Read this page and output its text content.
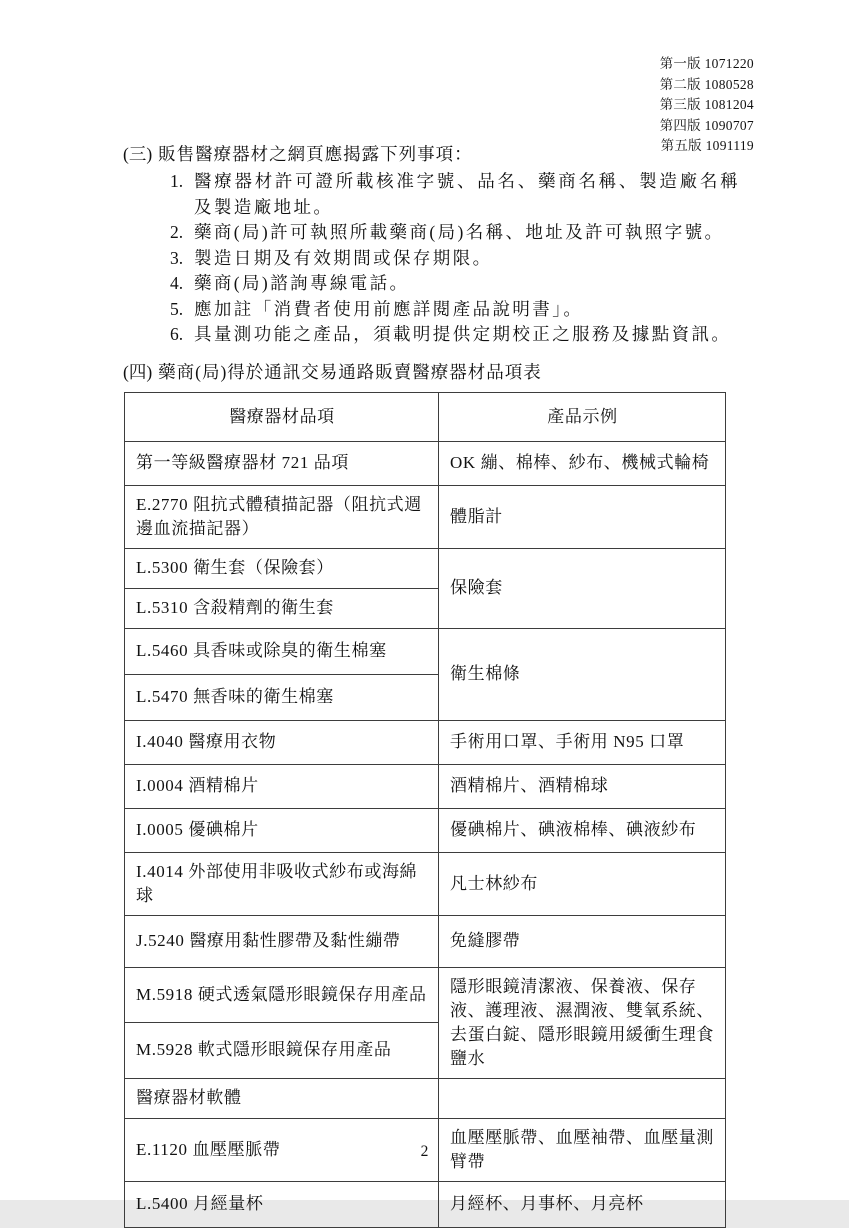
第一版 1071220
第二版 1080528
第三版 1081204
第四版 1090707
第五版 1091119
(三) 販售醫療器材之網頁應揭露下列事項：
1. 醫療器材許可證所載核准字號、品名、藥商名稱、製造廠名稱及製造廠地址。
2. 藥商(局)許可執照所載藥商(局)名稱、地址及許可執照字號。
3. 製造日期及有效期間或保存期限。
4. 藥商(局)諮詢專線電話。
5. 應加註「消費者使用前應詳閱產品說明書」。
6. 具量測功能之產品，須載明提供定期校正之服務及據點資訊。
(四) 藥商(局)得於通訊交易通路販賣醫療器材品項表
醫療器材品項	產品示例
第一等級醫療器材 721 品項	OK 繃、棉棒、紗布、機械式輪椅
E.2770 阻抗式體積描記器（阻抗式週邊血流描記器）	體脂計
L.5300 衛生套（保險套）	保險套
L.5310 含殺精劑的衛生套	
L.5460 具香味或除臭的衛生棉塞	衛生棉條
L.5470 無香味的衛生棉塞	
I.4040 醫療用衣物	手術用口罩、手術用 N95 口罩
I.0004 酒精棉片	酒精棉片、酒精棉球
I.0005 優碘棉片	優碘棉片、碘液棉棒、碘液紗布
I.4014 外部使用非吸收式紗布或海綿球	凡士林紗布
J.5240 醫療用黏性膠帶及黏性繃帶	免縫膠帶
M.5918 硬式透氣隱形眼鏡保存用產品	隱形眼鏡清潔液、保養液、保存液、護理液、濕潤液、雙氧系統、去蛋白錠、隱形眼鏡用緩衝生理食鹽水
M.5928 軟式隱形眼鏡保存用產品	
醫療器材軟體	
E.1120 血壓壓脈帶	血壓壓脈帶、血壓袖帶、血壓量測臂帶
L.5400 月經量杯	月經杯、月事杯、月亮杯
2
